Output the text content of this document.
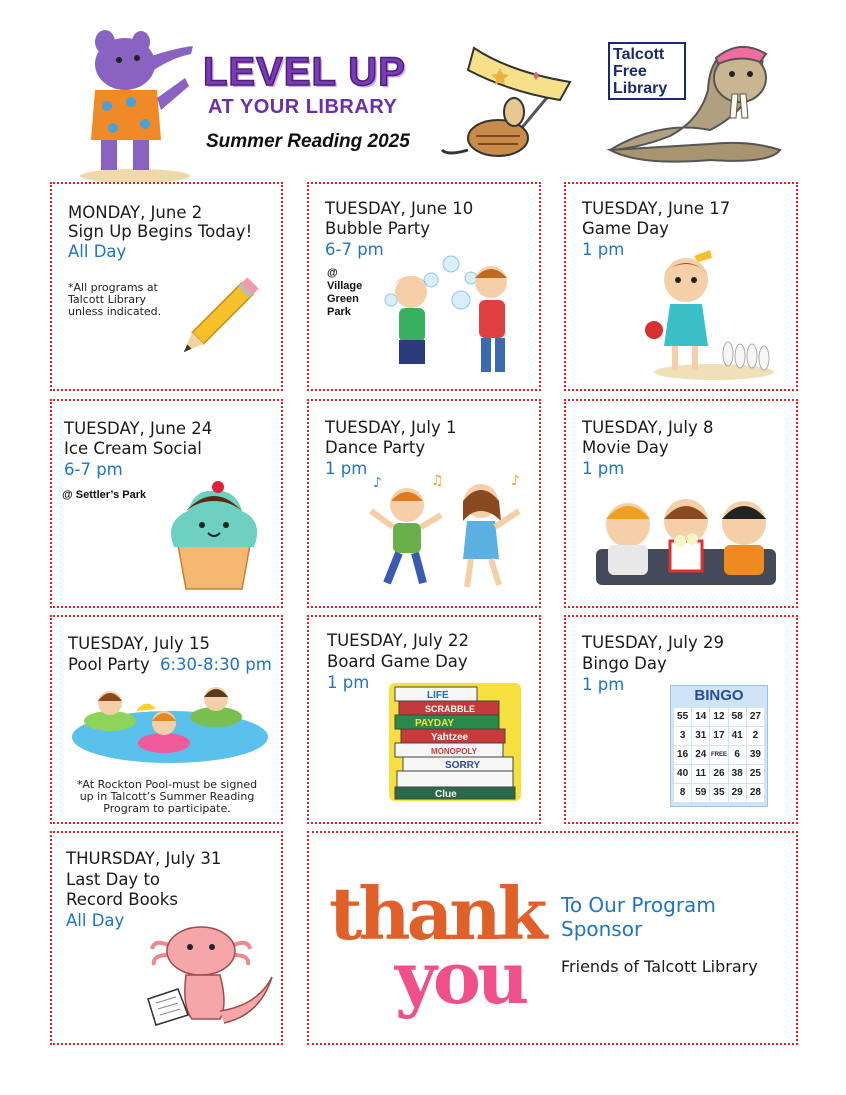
LEVEL UP
AT YOUR LIBRARY
Summer Reading 2025
Talcott
Free
Library
MONDAY, June 2
Sign Up Begins Today!
All Day
*All programs at Talcott Library unless indicated.
TUESDAY, June 10
Bubble Party
6-7 pm
@ Village Green Park
TUESDAY, June 17
Game Day
1 pm
TUESDAY, June 24
Ice Cream Social
6-7 pm
@ Settler’s Park
TUESDAY, July 1
Dance Party
1 pm
♪	♫	♪
TUESDAY, July 8
Movie Day
1 pm
TUESDAY, July 15
Pool Party 6:30-8:30 pm
*At Rockton Pool-must be signed up in Talcott’s Summer Reading Program to participate.
TUESDAY, July 22
Board Game Day
1 pm
LIFE
SCRABBLE
PAYDAY
Yahtzee
MONOPOLY
SORRY
Clue
TUESDAY, July 29
Bingo Day
1 pm
BINGO
55 14 12 58 27
3 31 17 41 2
16 24 FREE 6 39
40 11 26 38 25
8 59 35 29 28
THURSDAY, July 31
Last Day to
Record Books
All Day	thank
you
To Our Program
Sponsor
Friends of Talcott Library
